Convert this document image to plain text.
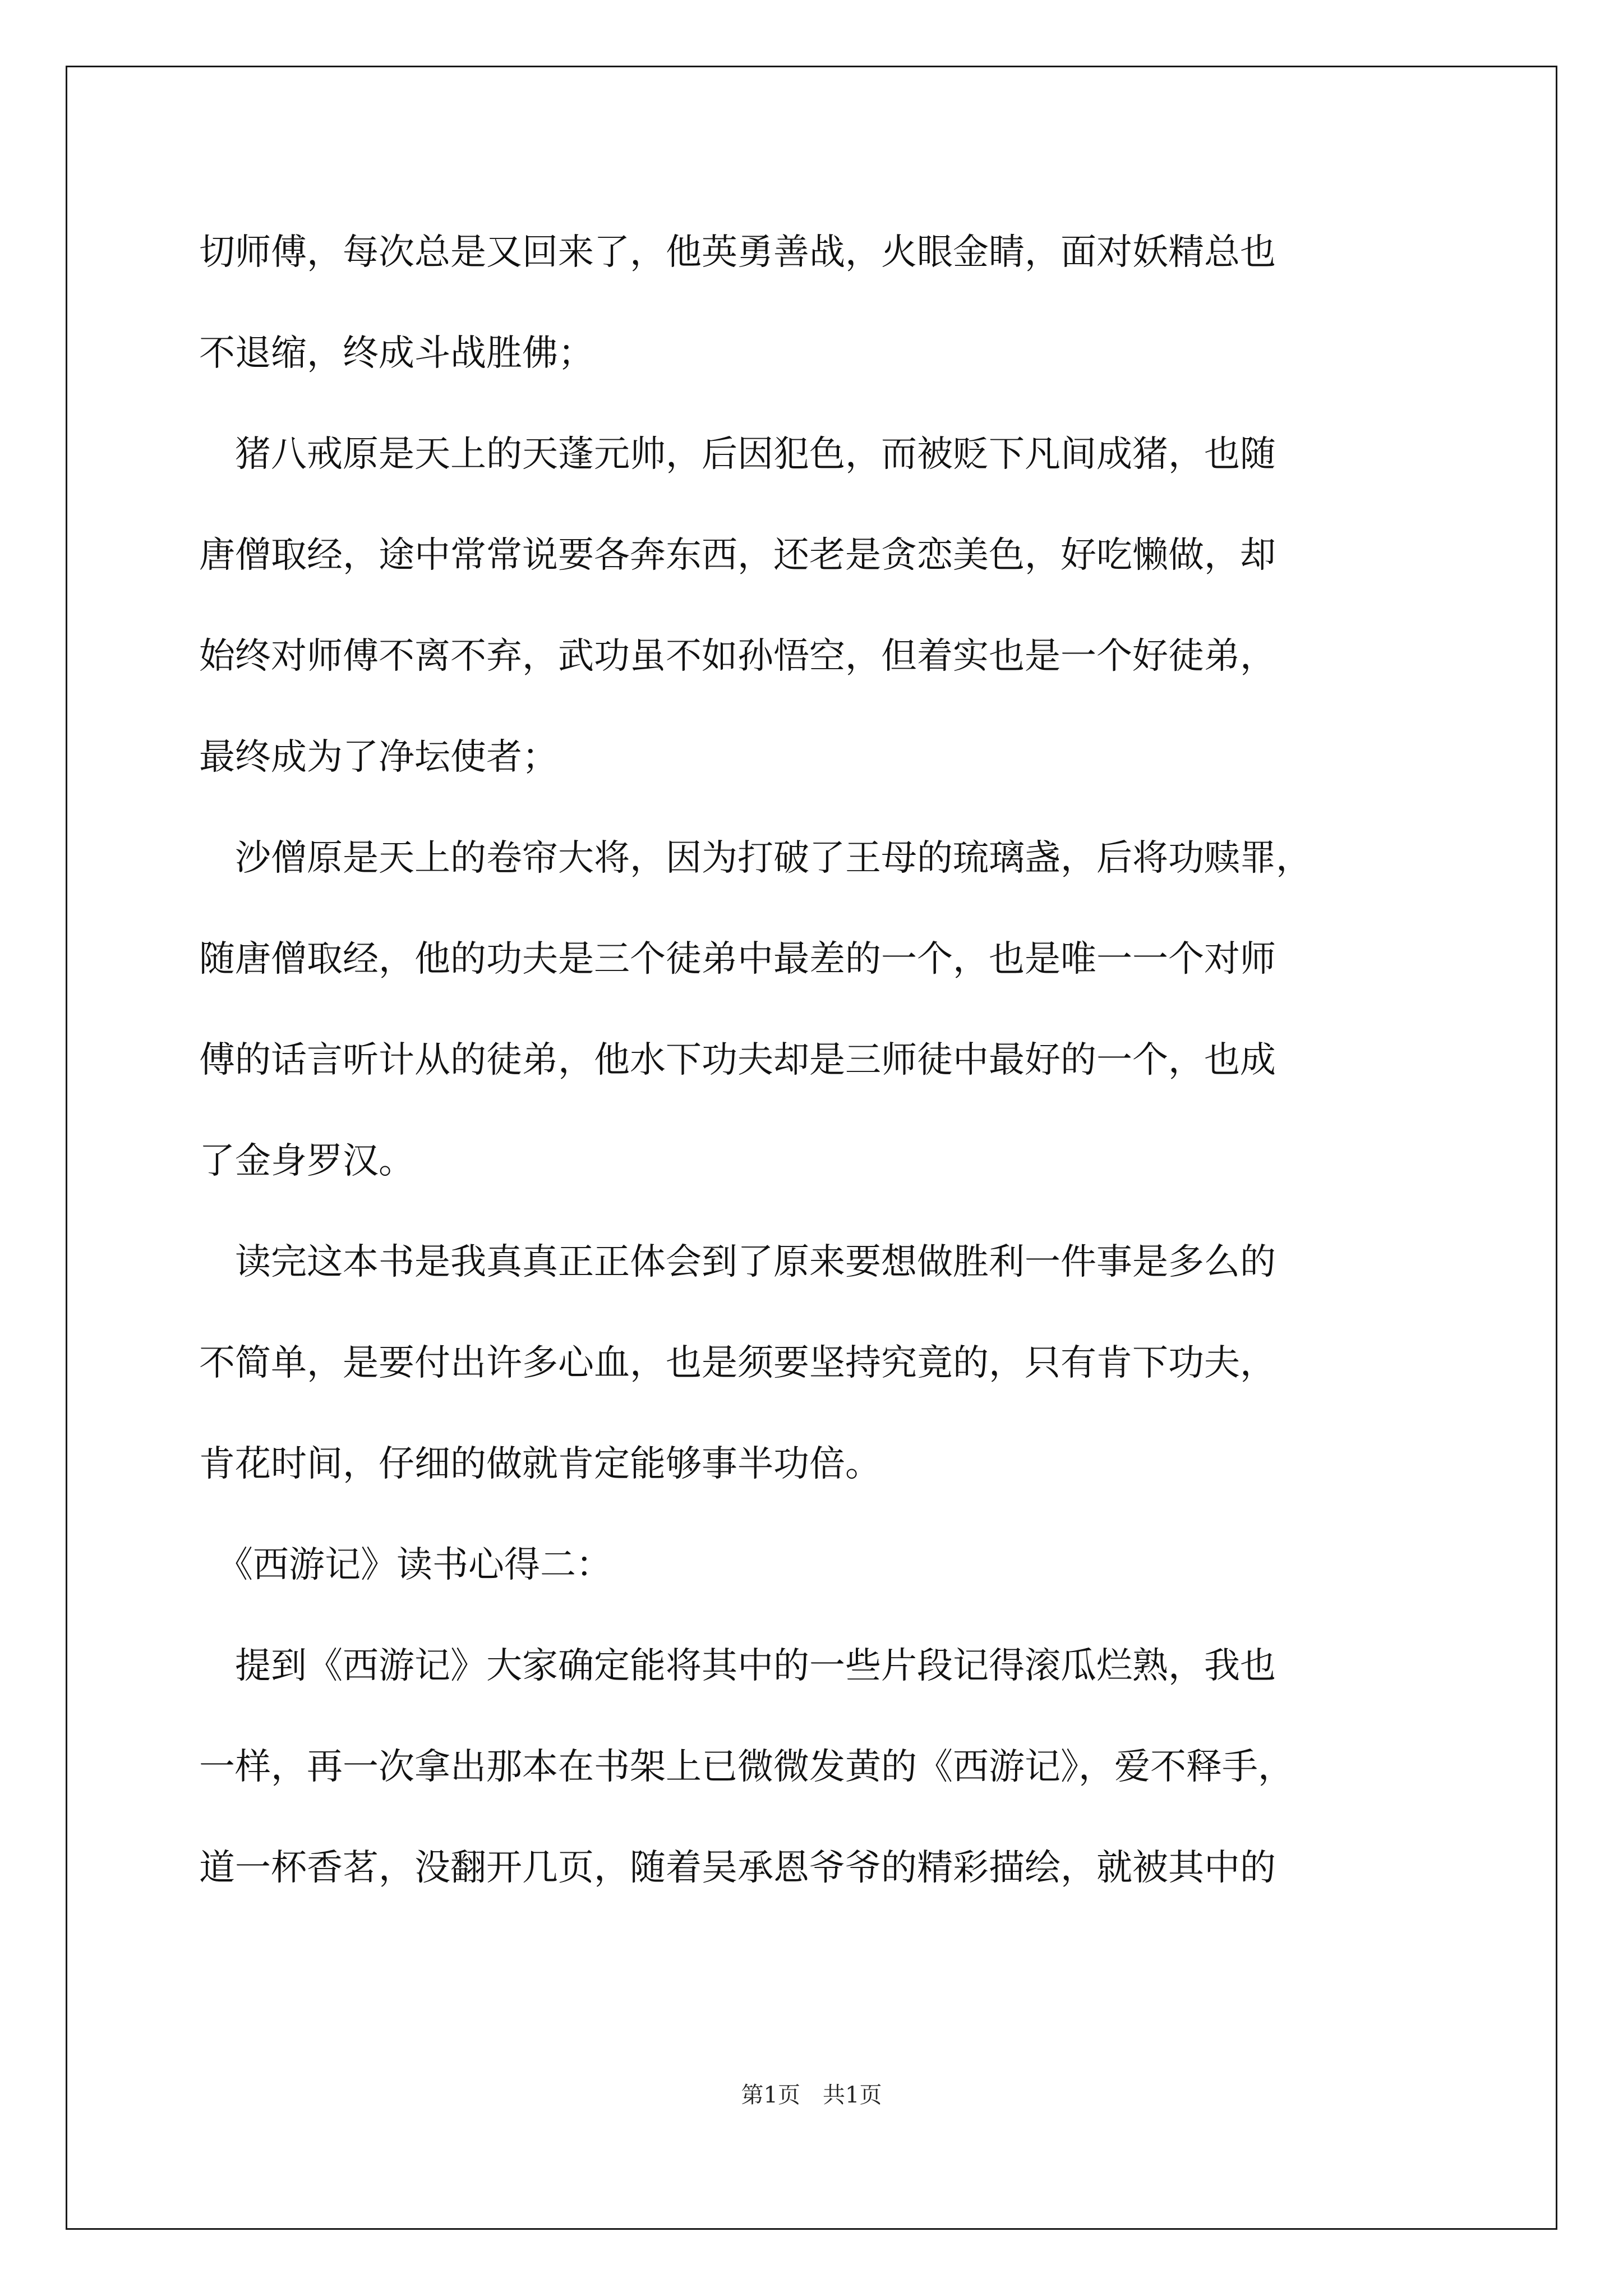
切师傅，每次总是又回来了，他英勇善战，火眼金睛，面对妖精总也
不退缩，终成斗战胜佛；
　猪八戒原是天上的天蓬元帅，后因犯色，而被贬下凡间成猪，也随
唐僧取经，途中常常说要各奔东西，还老是贪恋美色，好吃懒做，却
始终对师傅不离不弃，武功虽不如孙悟空，但着实也是一个好徒弟，
最终成为了净坛使者；
　沙僧原是天上的卷帘大将，因为打破了王母的琉璃盏，后将功赎罪，
随唐僧取经，他的功夫是三个徒弟中最差的一个，也是唯一一个对师
傅的话言听计从的徒弟，他水下功夫却是三师徒中最好的一个，也成
了金身罗汉。
　读完这本书是我真真正正体会到了原来要想做胜利一件事是多么的
不简单，是要付出许多心血，也是须要坚持究竟的，只有肯下功夫，
肯花时间，仔细的做就肯定能够事半功倍。
　《西游记》读书心得二：
　提到《西游记》大家确定能将其中的一些片段记得滚瓜烂熟，我也
一样，再一次拿出那本在书架上已微微发黄的《西游记》，爱不释手，
道一杯香茗，没翻开几页，随着吴承恩爷爷的精彩描绘，就被其中的
第1页　共1页
